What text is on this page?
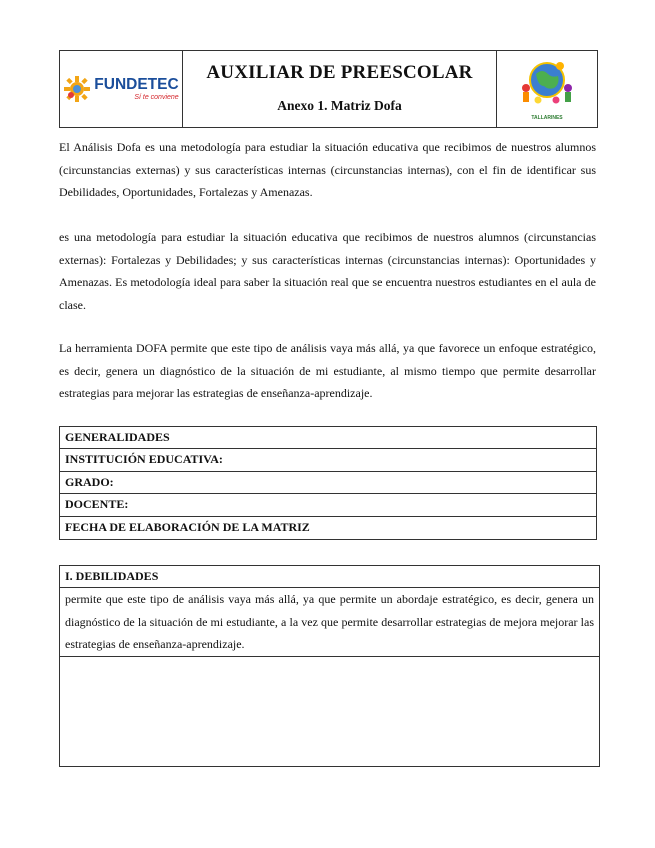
FUNDETEC
Sí te conviene
AUXILIAR DE PREESCOLAR
Anexo 1. Matriz Dofa
TALLARINES

El Análisis Dofa es una metodología para estudiar la situación educativa que recibimos de nuestros alumnos (circunstancias externas) y sus características internas (circunstancias internas), con el fin de identificar sus Debilidades, Oportunidades, Fortalezas y Amenazas.

es una metodología para estudiar la situación educativa que recibimos de nuestros alumnos (circunstancias externas): Fortalezas y Debilidades; y sus características internas (circunstancias internas): Oportunidades y Amenazas. Es metodología ideal para saber la situación real que se encuentra nuestros estudiantes en el aula de clase.

La herramienta DOFA permite que este tipo de análisis vaya más allá, ya que favorece un enfoque estratégico, es decir, genera un diagnóstico de la situación de mi estudiante, al mismo tiempo que permite desarrollar estrategias para mejorar las estrategias de enseñanza-aprendizaje.

GENERALIDADES
INSTITUCIÓN EDUCATIVA:
GRADO:
DOCENTE:
FECHA DE ELABORACIÓN DE LA MATRIZ
I. DEBILIDADES
permite que este tipo de análisis vaya más allá, ya que permite un abordaje estratégico, es decir, genera un diagnóstico de la situación de mi estudiante, a la vez que permite desarrollar estrategias de mejora mejorar las estrategias de enseñanza-aprendizaje.
